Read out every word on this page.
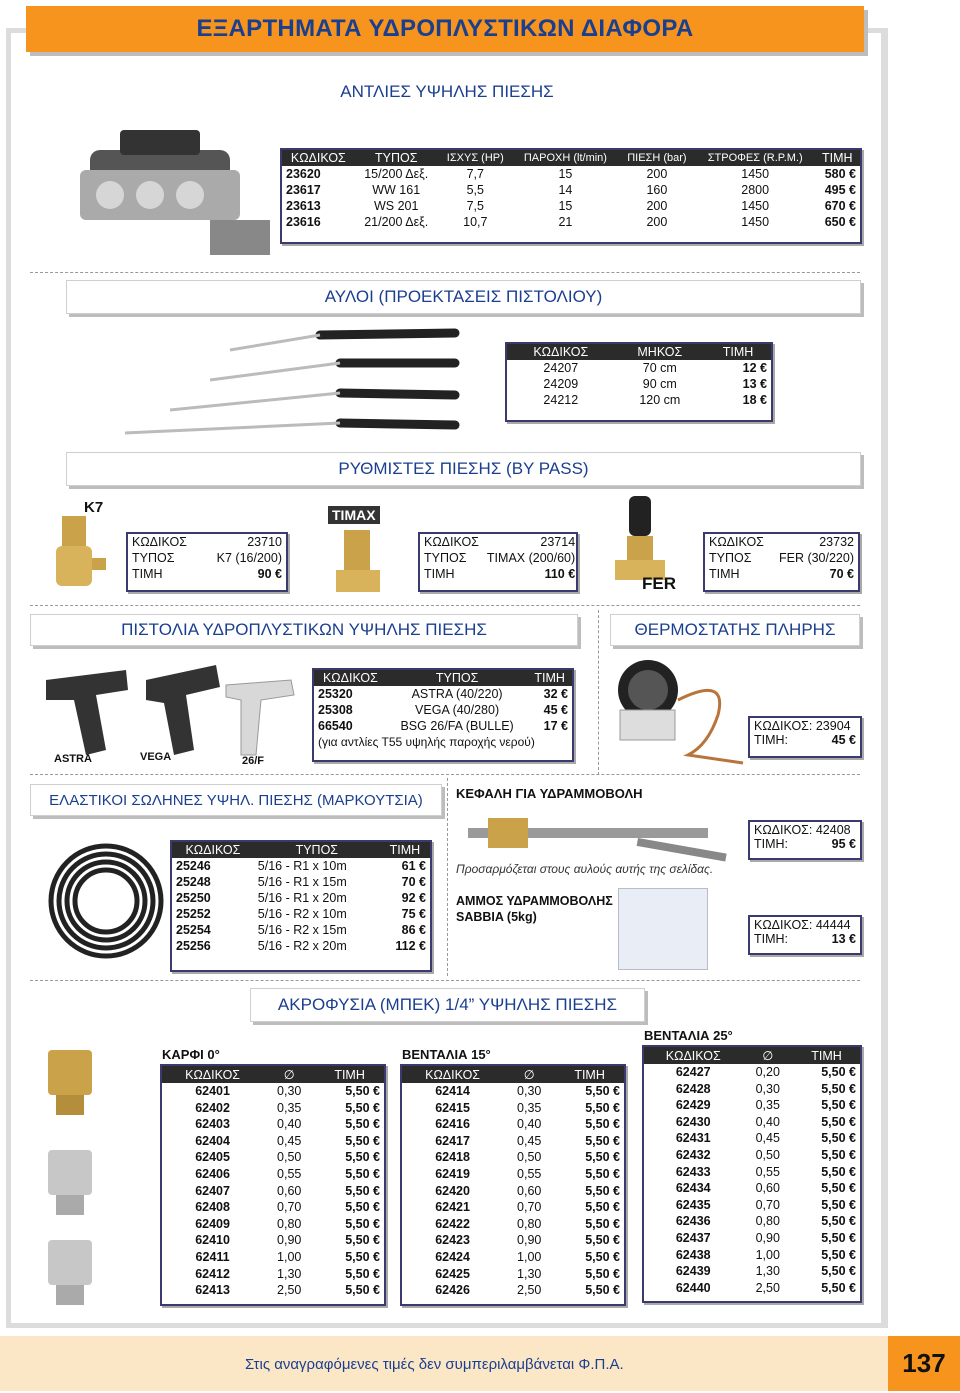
ΕΞΑΡΤΗΜΑΤΑ ΥΔΡΟΠΛΥΣΤΙΚΩΝ ΔΙΑΦΟΡΑ
ΑΝΤΛΙΕΣ ΥΨΗΛΗΣ ΠΙΕΣΗΣ
ΚΩΔΙΚΟΣ	ΤΥΠΟΣ	ΙΣΧΥΣ (HP)	ΠΑΡΟΧΗ (lt/min)	ΠΙΕΣΗ (bar)	ΣΤΡΟΦΕΣ (R.P.M.)	ΤΙΜΗ
23620	15/200 Δεξ.	7,7	15	200	1450	580 €
23617	WW 161	5,5	14	160	2800	495 €
23613	WS 201	7,5	15	200	1450	670 €
23616	21/200 Δεξ.	10,7	21	200	1450	650 €
ΑΥΛΟΙ (ΠΡΟΕΚΤΑΣΕΙΣ ΠΙΣΤΟΛΙΟΥ)
ΚΩΔΙΚΟΣ	ΜΗΚΟΣ	ΤΙΜΗ
24207	70 cm	12 €
24209	90 cm	13 €
24212	120 cm	18 €
ΡΥΘΜΙΣΤΕΣ ΠΙΕΣΗΣ (BY PASS)
K7
ΚΩΔΙΚΟΣ	23710
ΤΥΠΟΣ	K7 (16/200)
ΤΙΜΗ	90 €
TIMAX
ΚΩΔΙΚΟΣ	23714
ΤΥΠΟΣ	TIMAX (200/60)
ΤΙΜΗ	110 €	FER
ΚΩΔΙΚΟΣ	23732
ΤΥΠΟΣ	FER (30/220)
ΤΙΜΗ	70 €
ΠΙΣΤΟΛΙΑ ΥΔΡΟΠΛΥΣΤΙΚΩΝ ΥΨΗΛΗΣ ΠΙΕΣΗΣ
ASTRA	VEGA	26/F
ΚΩΔΙΚΟΣ	ΤΥΠΟΣ	ΤΙΜΗ
25320	ASTRA (40/220)	32 €
25308	VEGA (40/280)	45 €
66540	BSG 26/FA (BULLE)	17 €
(για αντλίες Τ55 υψηλής παροχής νερού)		
ΘΕΡΜΟΣΤΑΤΗΣ ΠΛΗΡΗΣ
ΚΩΔΙΚΟΣ: 23904
ΤΙΜΗ:	45 €
ΕΛΑΣΤΙΚΟΙ ΣΩΛΗΝΕΣ ΥΨΗΛ. ΠΙΕΣΗΣ (ΜΑΡΚΟΥΤΣΙΑ)
ΚΩΔΙΚΟΣ	ΤΥΠΟΣ	ΤΙΜΗ
25246	5/16 - R1 x 10m	61 €
25248	5/16 - R1 x 15m	70 €
25250	5/16 - R1 x 20m	92 €
25252	5/16 - R2 x 10m	75 €
25254	5/16 - R2 x 15m	86 €
25256	5/16 - R2 x 20m	112 €
ΚΕΦΑΛΗ ΓΙΑ ΥΔΡΑΜΜΟΒΟΛΗ
Προσαρμόζεται στους αυλούς αυτής της σελίδας.
ΚΩΔΙΚΟΣ: 42408
ΤΙΜΗ:	95 €
ΑΜΜΟΣ ΥΔΡΑΜΜΟΒΟΛΗΣ
SABBIA (5kg)
ΚΩΔΙΚΟΣ: 44444
ΤΙΜΗ:	13 €
ΑΚΡΟΦΥΣΙΑ (ΜΠΕΚ) 1/4” ΥΨΗΛΗΣ ΠΙΕΣΗΣ
ΚΑΡΦΙ 0°
ΚΩΔΙΚΟΣ	∅	ΤΙΜΗ
62401	0,30	5,50 €
62402	0,35	5,50 €
62403	0,40	5,50 €
62404	0,45	5,50 €
62405	0,50	5,50 €
62406	0,55	5,50 €
62407	0,60	5,50 €
62408	0,70	5,50 €
62409	0,80	5,50 €
62410	0,90	5,50 €
62411	1,00	5,50 €
62412	1,30	5,50 €
62413	2,50	5,50 €
ΒΕΝΤΑΛΙΑ 15°
ΚΩΔΙΚΟΣ	∅	ΤΙΜΗ
62414	0,30	5,50 €
62415	0,35	5,50 €
62416	0,40	5,50 €
62417	0,45	5,50 €
62418	0,50	5,50 €
62419	0,55	5,50 €
62420	0,60	5,50 €
62421	0,70	5,50 €
62422	0,80	5,50 €
62423	0,90	5,50 €
62424	1,00	5,50 €
62425	1,30	5,50 €
62426	2,50	5,50 €
ΒΕΝΤΑΛΙΑ 25°
ΚΩΔΙΚΟΣ	∅	ΤΙΜΗ
62427	0,20	5,50 €
62428	0,30	5,50 €
62429	0,35	5,50 €
62430	0,40	5,50 €
62431	0,45	5,50 €
62432	0,50	5,50 €
62433	0,55	5,50 €
62434	0,60	5,50 €
62435	0,70	5,50 €
62436	0,80	5,50 €
62437	0,90	5,50 €
62438	1,00	5,50 €
62439	1,30	5,50 €
62440	2,50	5,50 €
Στις αναγραφόμενες τιμές δεν συμπεριλαμβάνεται Φ.Π.Α.	137
